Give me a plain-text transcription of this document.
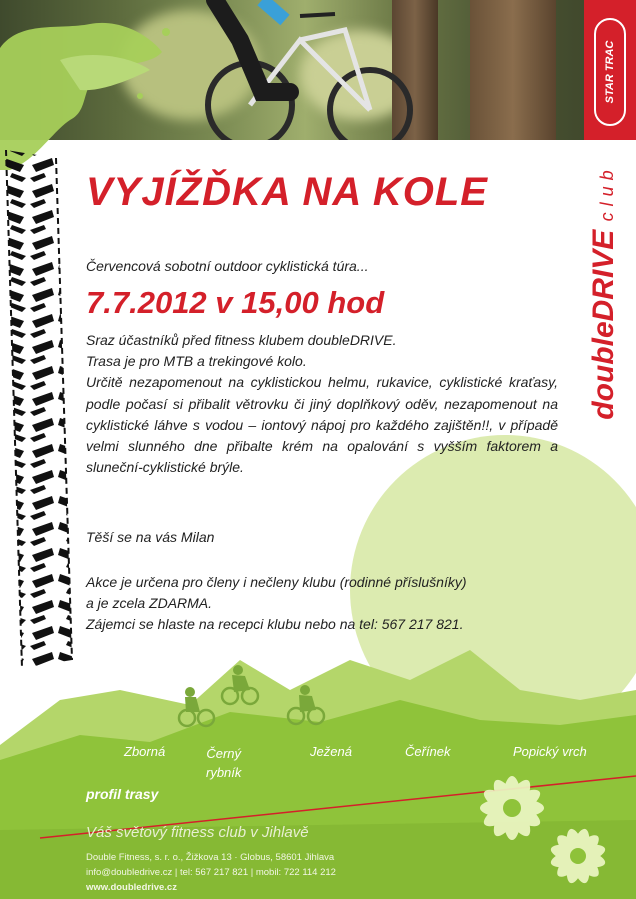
STAR TRAC
doubleDRIVE club
VYJÍŽĎKA NA KOLE
Červencová sobotní outdoor cyklistická túra...
7.7.2012 v 15,00 hod

Sraz účastníků před fitness klubem doubleDRIVE.

Trasa je pro MTB a trekingové kolo.

Určitě nezapomenout na cyklistickou helmu, rukavice, cyklistické kraťasy, podle počasí si přibalit větrovku či jiný doplňkový oděv, nezapomenout na cyklistické láhve s vodou – iontový nápoj pro každého zajištěn!!, v případě velmi slunného dne přibalte krém na opalování s vyšším faktorem a sluneční-cyklistické brýle.

Těší se na vás Milan

Akce je určena pro členy i nečleny klubu (rodinné příslušníky)

a je zcela ZDARMA.

Zájemci se hlaste na recepci klubu nebo na tel: 567 217 821.

Zborná	Černý
rybník
Ježená	Čeřínek	Popický vrch
profil trasy
Váš světový fitness club v Jihlavě
Double Fitness, s. r. o., Žižkova 13 · Globus, 58601 Jihlava
info@doubledrive.cz | tel: 567 217 821 | mobil: 722 114 212
www.doubledrive.cz
